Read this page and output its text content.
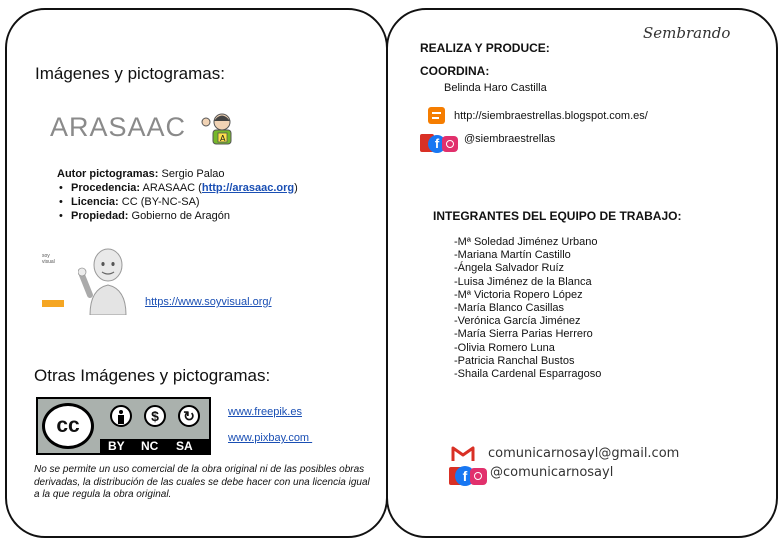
Imágenes y pictogramas:
ARASAAC	A
Autor pictogramas: Sergio Palao
• Procedencia: ARASAAC (http://arasaac.org)
• Licencia: CC (BY-NC-SA)
• Propiedad: Gobierno de Aragón
soy visual
https://www.soyvisual.org/
Otras Imágenes y pictogramas:
cc	$	↻
BY NC SA
www.freepik.es
www.pixbay.com
No se permite un uso comercial de la obra original ni de las posibles obras derivadas, la distribución de las cuales se debe hacer con una licencia igual a la que regula la obra original.
Sembrando
REALIZA Y PRODUCE:
COORDINA:
Belinda Haro Castilla
http://siembraestrellas.blogspot.com.es/
f	@siembraestrellas
INTEGRANTES DEL EQUIPO DE TRABAJO:
-Mª Soledad Jiménez Urbano
-Mariana Martín Castillo
-Ángela Salvador Ruíz
-Luisa Jiménez de la Blanca
-Mª Victoria Ropero López
-María Blanco Casillas
-Verónica García Jiménez
-María Sierra Parias Herrero
-Olivia Romero Luna
-Patricia Ranchal Bustos
-Shaila Cardenal Esparragoso
comunicarnosayl@gmail.com
f	@comunicarnosayl
